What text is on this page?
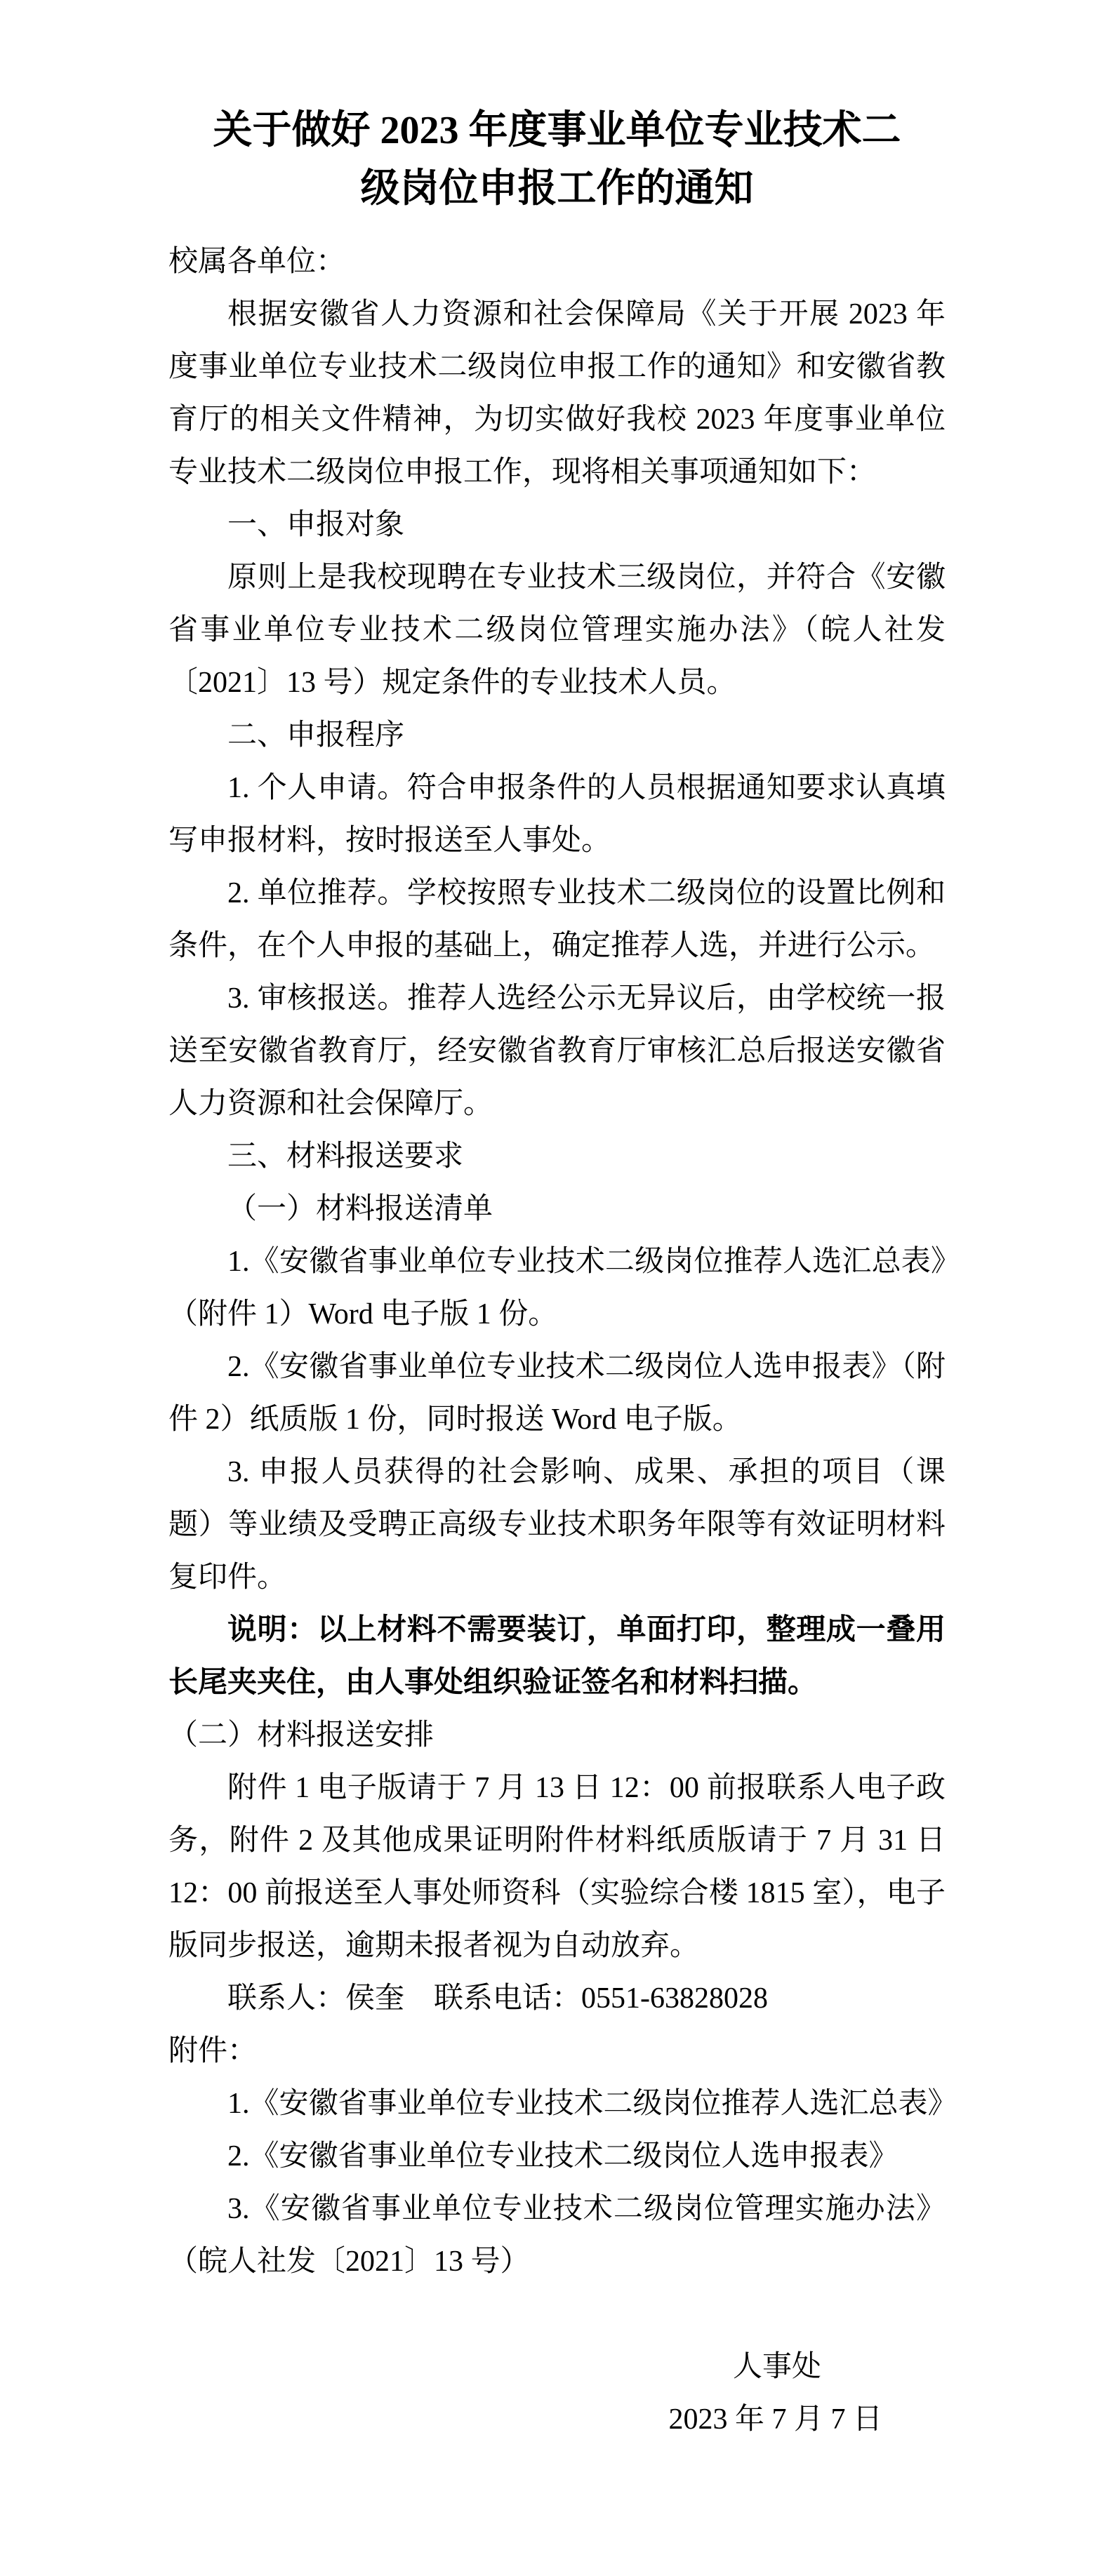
关于做好 2023 年度事业单位专业技术二
级岗位申报工作的通知
校属各单位：
根据安徽省人力资源和社会保障局《关于开展 2023 年度事业单位专业技术二级岗位申报工作的通知》和安徽省教育厅的相关文件精神，为切实做好我校 2023 年度事业单位专业技术二级岗位申报工作，现将相关事项通知如下：
一、申报对象
原则上是我校现聘在专业技术三级岗位，并符合《安徽省事业单位专业技术二级岗位管理实施办法》（皖人社发〔2021〕13 号）规定条件的专业技术人员。
二、申报程序
1. 个人申请。符合申报条件的人员根据通知要求认真填写申报材料，按时报送至人事处。
2. 单位推荐。学校按照专业技术二级岗位的设置比例和条件，在个人申报的基础上，确定推荐人选，并进行公示。
3. 审核报送。推荐人选经公示无异议后，由学校统一报送至安徽省教育厅，经安徽省教育厅审核汇总后报送安徽省人力资源和社会保障厅。
三、材料报送要求
（一）材料报送清单
1.《安徽省事业单位专业技术二级岗位推荐人选汇总表》（附件 1）Word 电子版 1 份。
2.《安徽省事业单位专业技术二级岗位人选申报表》（附件 2）纸质版 1 份，同时报送 Word 电子版。
3. 申报人员获得的社会影响、成果、承担的项目（课题）等业绩及受聘正高级专业技术职务年限等有效证明材料复印件。
说明：以上材料不需要装订，单面打印，整理成一叠用长尾夹夹住，由人事处组织验证签名和材料扫描。
（二）材料报送安排
附件 1 电子版请于 7 月 13 日 12：00 前报联系人电子政务，附件 2 及其他成果证明附件材料纸质版请于 7 月 31 日 12：00 前报送至人事处师资科（实验综合楼 1815 室），电子版同步报送，逾期未报者视为自动放弃。
联系人：侯奎　联系电话：0551-63828028
附件：
1.《安徽省事业单位专业技术二级岗位推荐人选汇总表》
2.《安徽省事业单位专业技术二级岗位人选申报表》
3.《安徽省事业单位专业技术二级岗位管理实施办法》（皖人社发〔2021〕13 号）
人事处
2023 年 7 月 7 日
